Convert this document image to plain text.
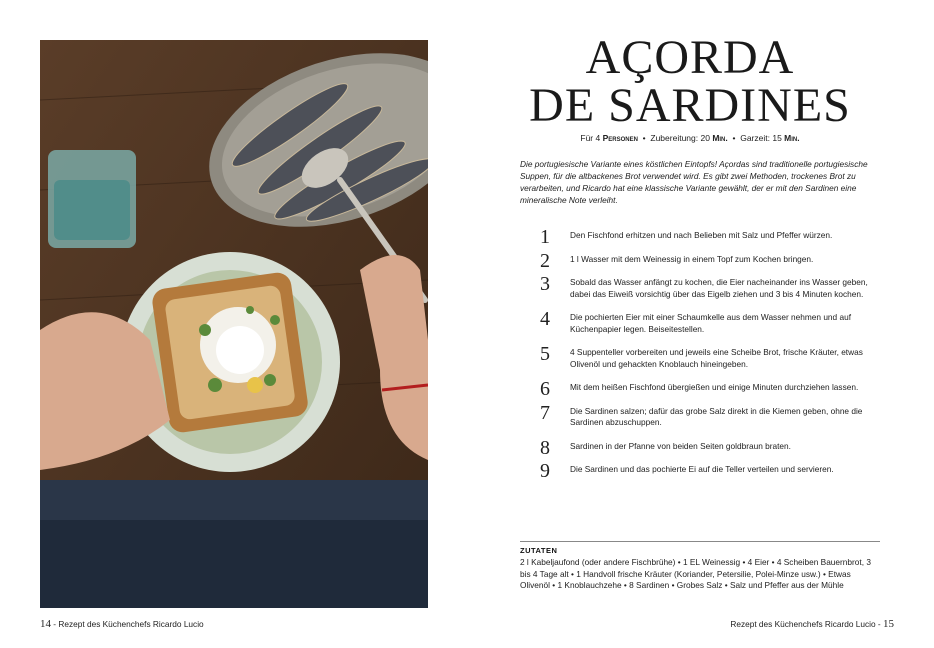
AÇORDA
DE SARDINES
Für 4 Personen  •  Zubereitung: 20 Min.  •  Garzeit: 15 Min.
Die portugiesische Variante eines köstlichen Eintopfs! Açordas sind traditionelle portugiesische Suppen, für die altbackenes Brot verwendet wird. Es gibt zwei Methoden, trockenes Brot zu verarbeiten, und Ricardo hat eine klassische Variante gewählt, der er mit den Sardinen eine mineralische Note verleiht.
1 Den Fischfond erhitzen und nach Belieben mit Salz und Pfeffer würzen.
2 1 l Wasser mit dem Weinessig in einem Topf zum Kochen bringen.
3 Sobald das Wasser anfängt zu kochen, die Eier nacheinander ins Wasser geben, dabei das Eiweiß vorsichtig über das Eigelb ziehen und 3 bis 4 Minuten kochen.
4 Die pochierten Eier mit einer Schaumkelle aus dem Wasser nehmen und auf Küchenpapier legen. Beiseitestellen.
5 4 Suppenteller vorbereiten und jeweils eine Scheibe Brot, frische Kräuter, etwas Olivenöl und gehackten Knoblauch hineingeben.
6 Mit dem heißen Fischfond übergießen und einige Minuten durchziehen lassen.
7 Die Sardinen salzen; dafür das grobe Salz direkt in die Kiemen geben, ohne die Sardinen abzuschuppen.
8 Sardinen in der Pfanne von beiden Seiten goldbraun braten.
9 Die Sardinen und das pochierte Ei auf die Teller verteilen und servieren.
ZUTATEN
2 l Kabeljaufond (oder andere Fischbrühe) • 1 EL Weinessig • 4 Eier • 4 Scheiben Bauernbrot, 3 bis 4 Tage alt • 1 Handvoll frische Kräuter (Koriander, Petersilie, Polei-Minze usw.) • Etwas Olivenöl • 1 Knoblauchzehe • 8 Sardinen • Grobes Salz • Salz und Pfeffer aus der Mühle
14 - Rezept des Küchenchefs Ricardo Lucio	Rezept des Küchenchefs Ricardo Lucio - 15
